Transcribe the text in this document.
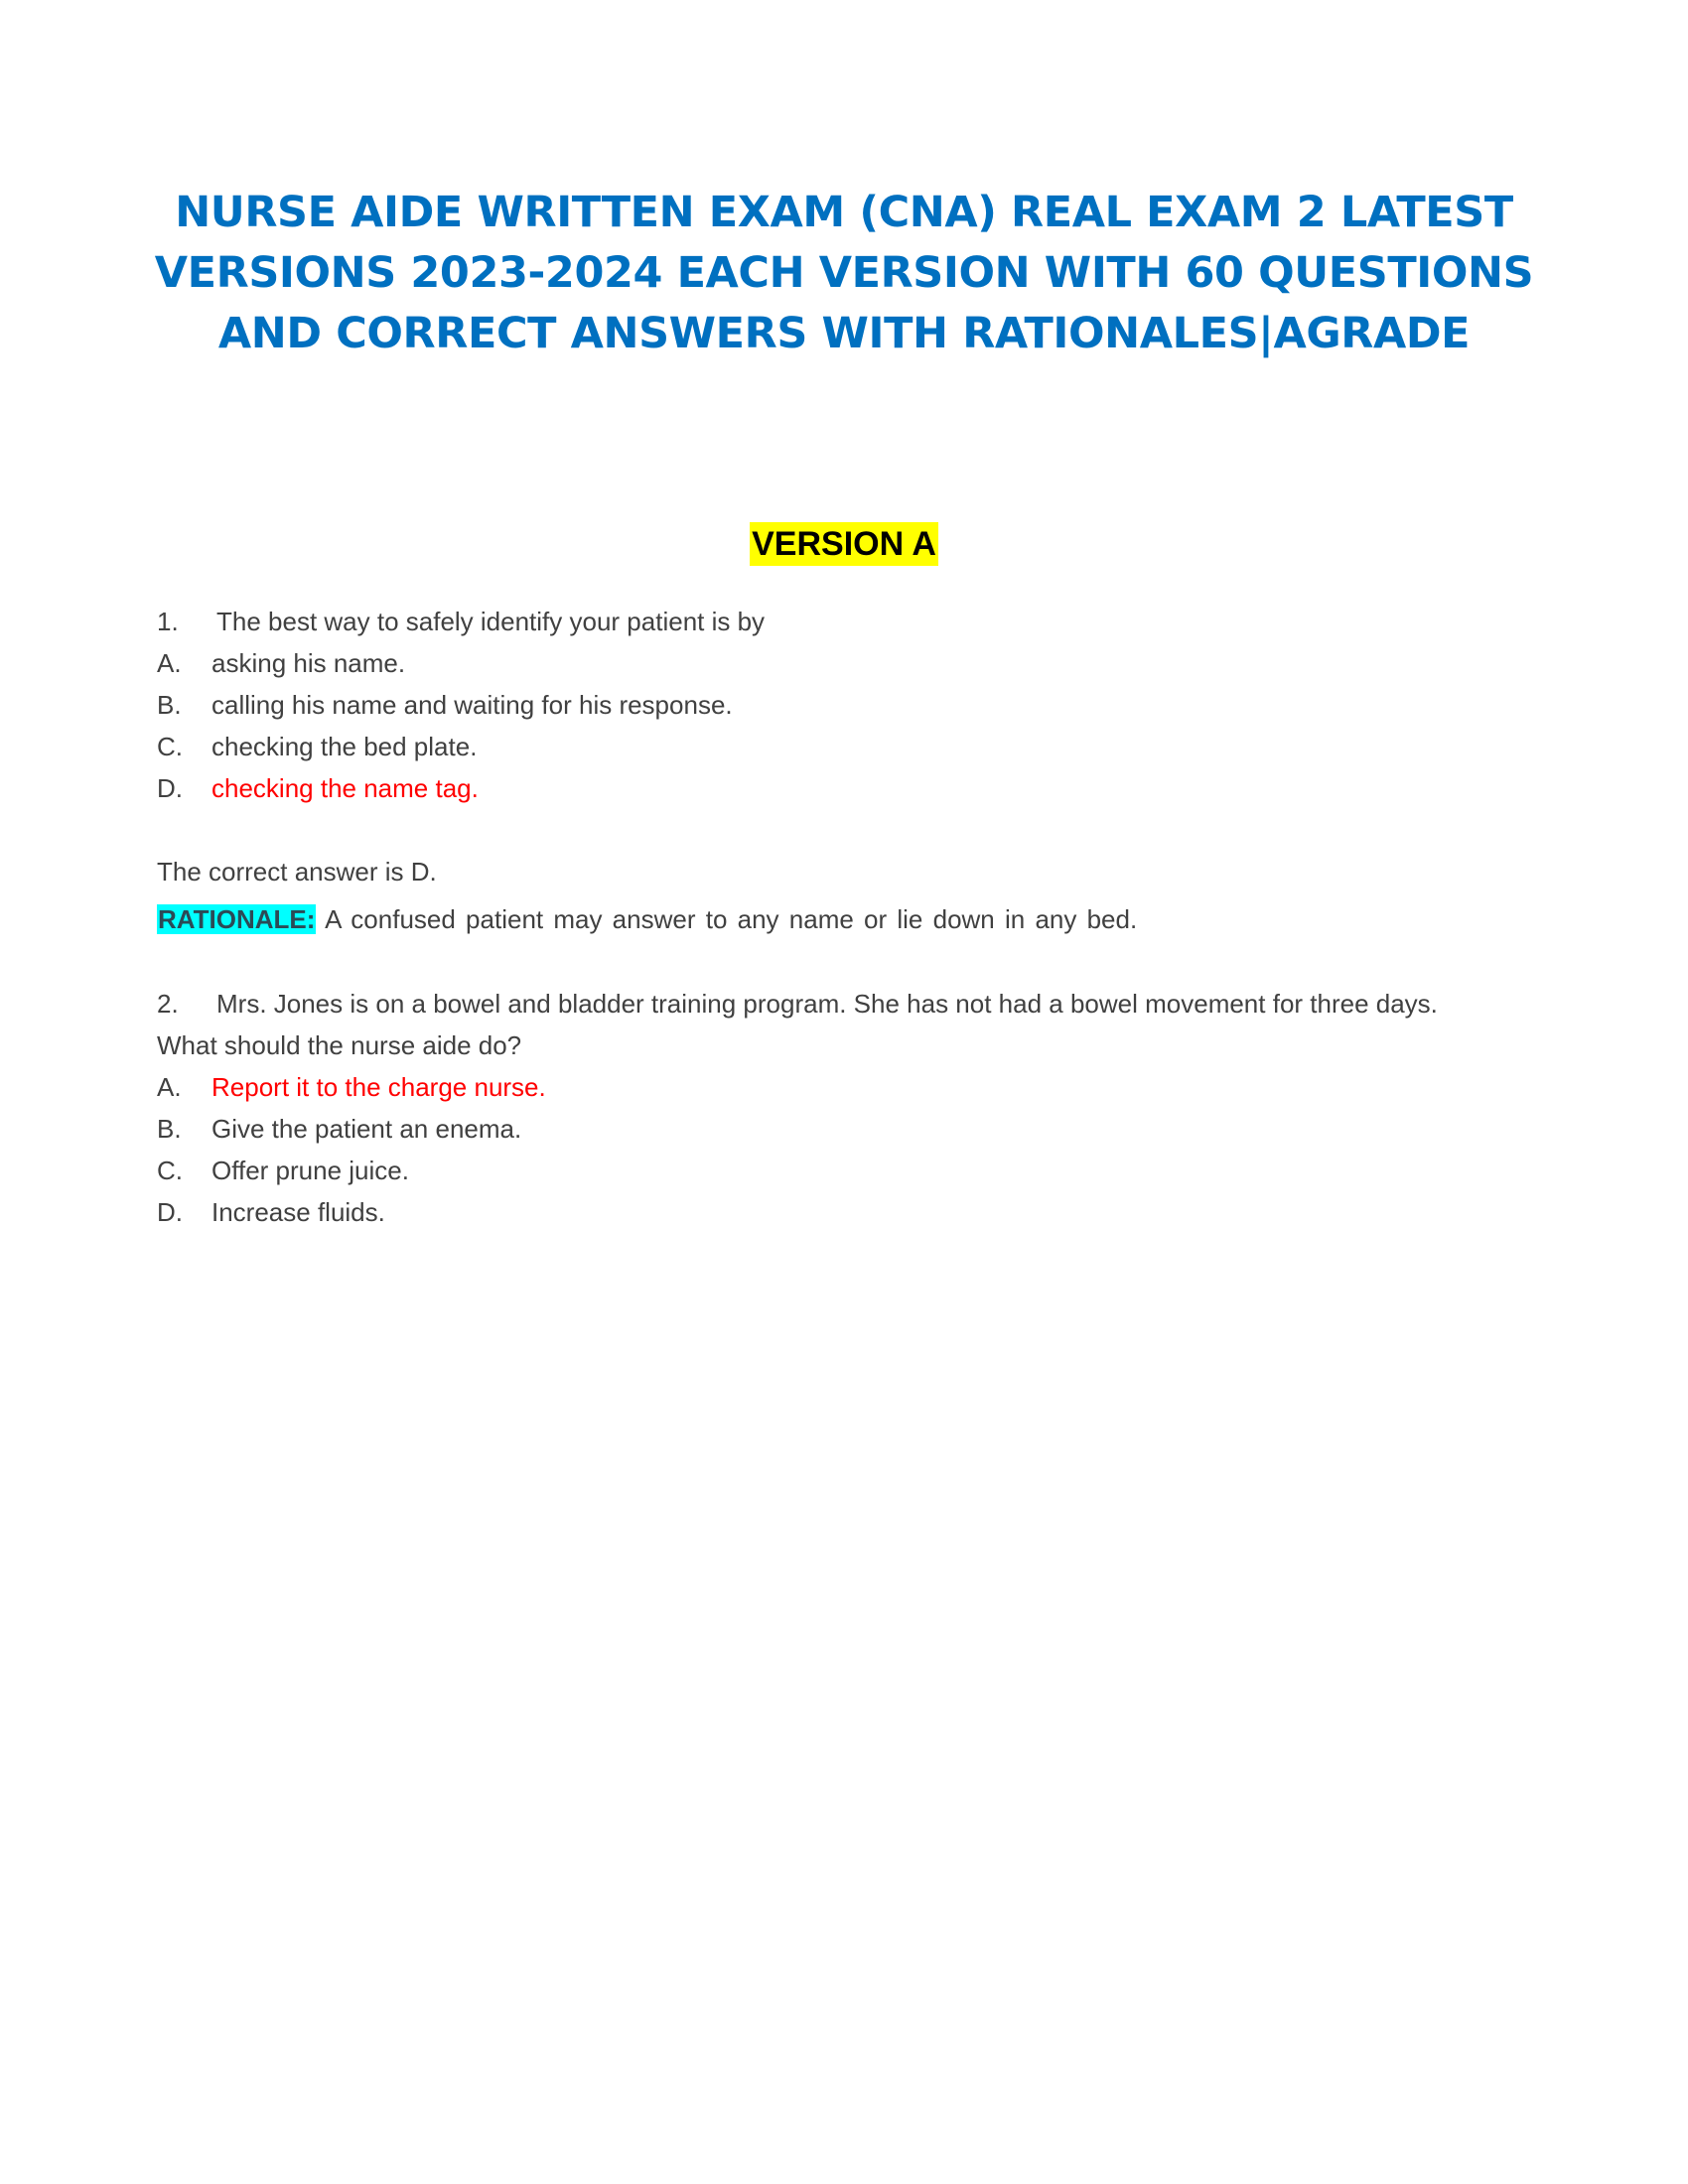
NURSE AIDE WRITTEN EXAM (CNA) REAL EXAM 2 LATEST VERSIONS 2023-2024 EACH VERSION WITH 60 QUESTIONS AND CORRECT ANSWERS WITH RATIONALES|AGRADE
VERSION A
1. The best way to safely identify your patient is by
A. asking his name.
B. calling his name and waiting for his response.
C. checking the bed plate.
D. checking the name tag.
The correct answer is D.
RATIONALE: A confused patient may answer to any name or lie down in any bed.
2. Mrs. Jones is on a bowel and bladder training program. She has not had a bowel movement for three days.
What should the nurse aide do?
A. Report it to the charge nurse.
B. Give the patient an enema.
C. Offer prune juice.
D. Increase fluids.
